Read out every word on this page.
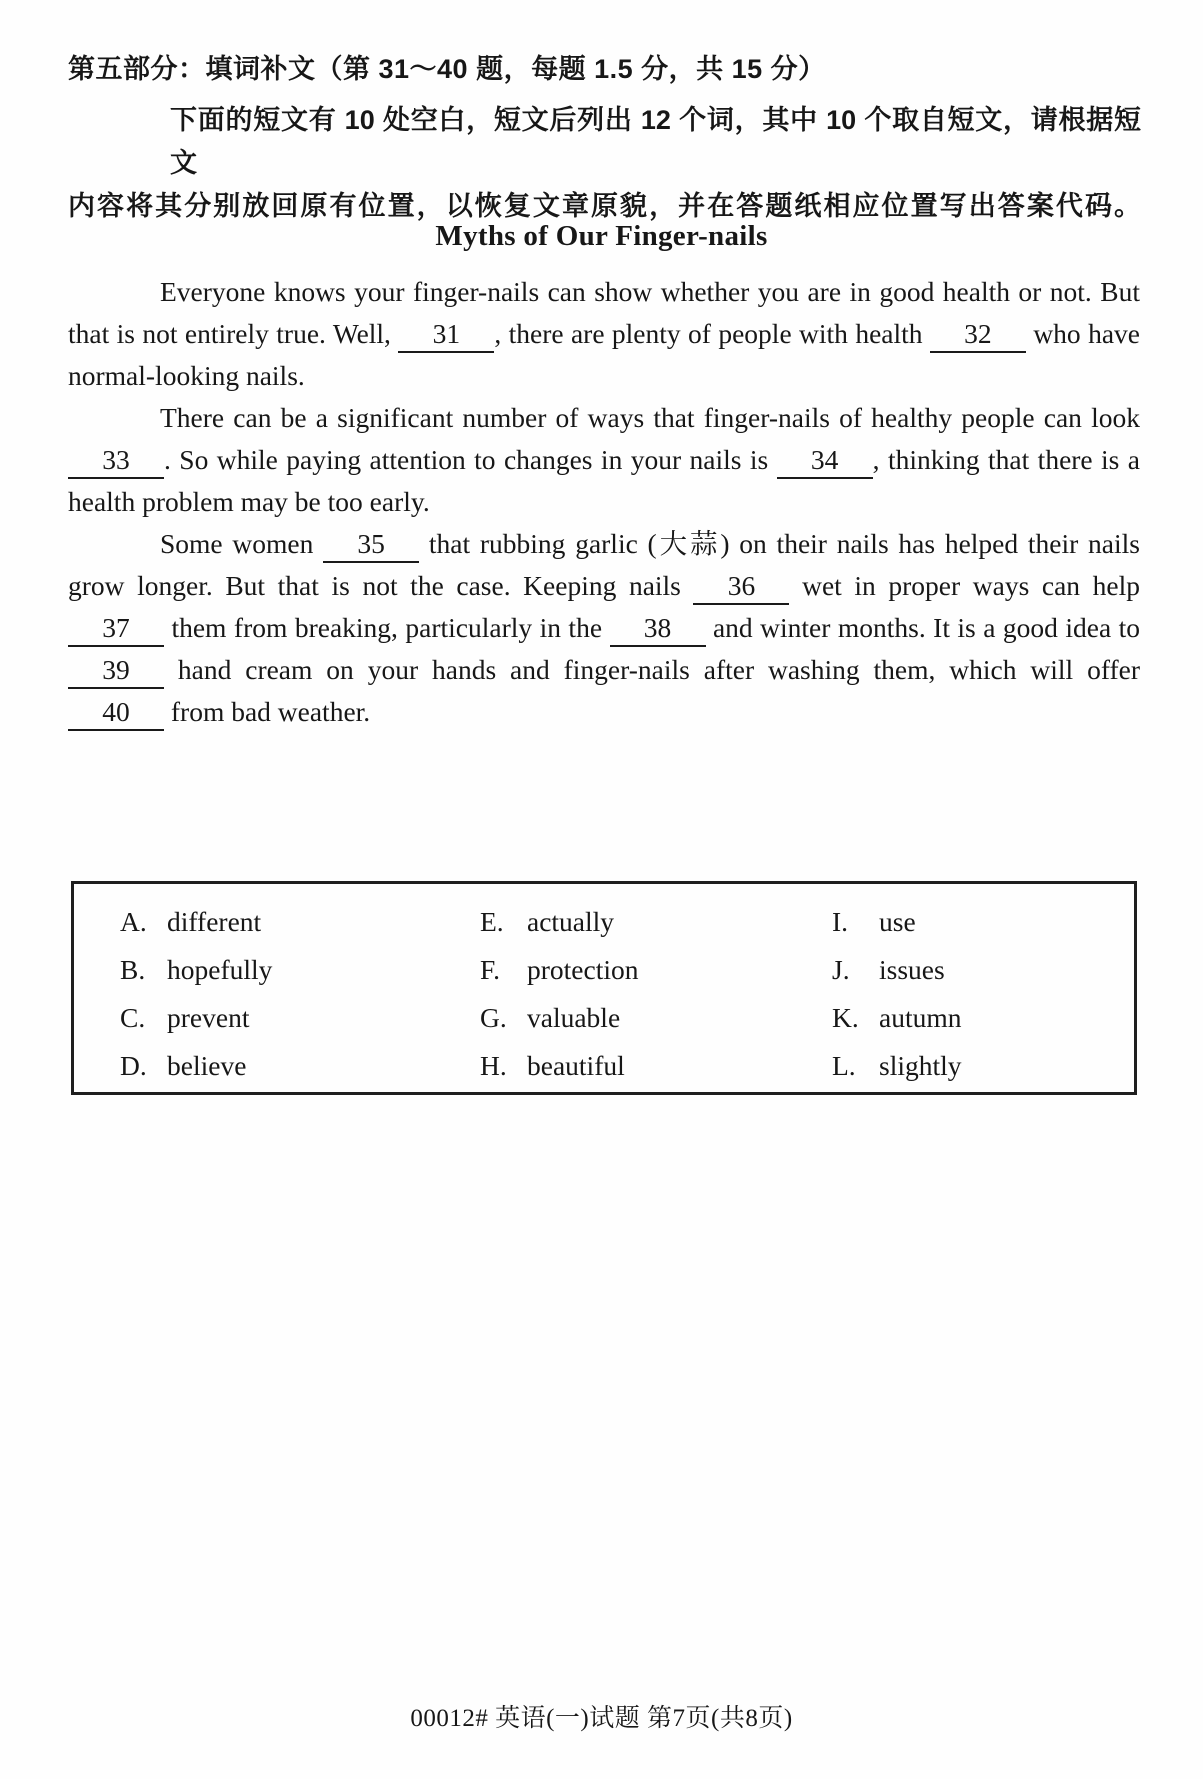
第五部分：填词补文（第 31～40 题，每题 1.5 分，共 15 分）
下面的短文有 10 处空白，短文后列出 12 个词，其中 10 个取自短文，请根据短文
内容将其分别放回原有位置，以恢复文章原貌，并在答题纸相应位置写出答案代码。
Myths of Our Finger-nails

Everyone knows your finger-nails can show whether you are in good health or not. But that is not entirely true. Well, 31 , there are plenty of people with health 32 who have normal-looking nails.

There can be a significant number of ways that finger-nails of healthy people can look 33 . So while paying attention to changes in your nails is 34 , thinking that there is a health problem may be too early.

Some women 35 that rubbing garlic (大蒜) on their nails has helped their nails grow longer. But that is not the case. Keeping nails 36 wet in proper ways can help 37 them from breaking, particularly in the 38 and winter months. It is a good idea to 39 hand cream on your hands and finger-nails after washing them, which will offer 40 from bad weather.

A. different
B. hopefully
C. prevent
D. believe
E. actually
F. protection
G. valuable
H. beautiful
I.	use
J.	issues
K. autumn
L. slightly
00012# 英语(一)试题 第7页(共8页)
